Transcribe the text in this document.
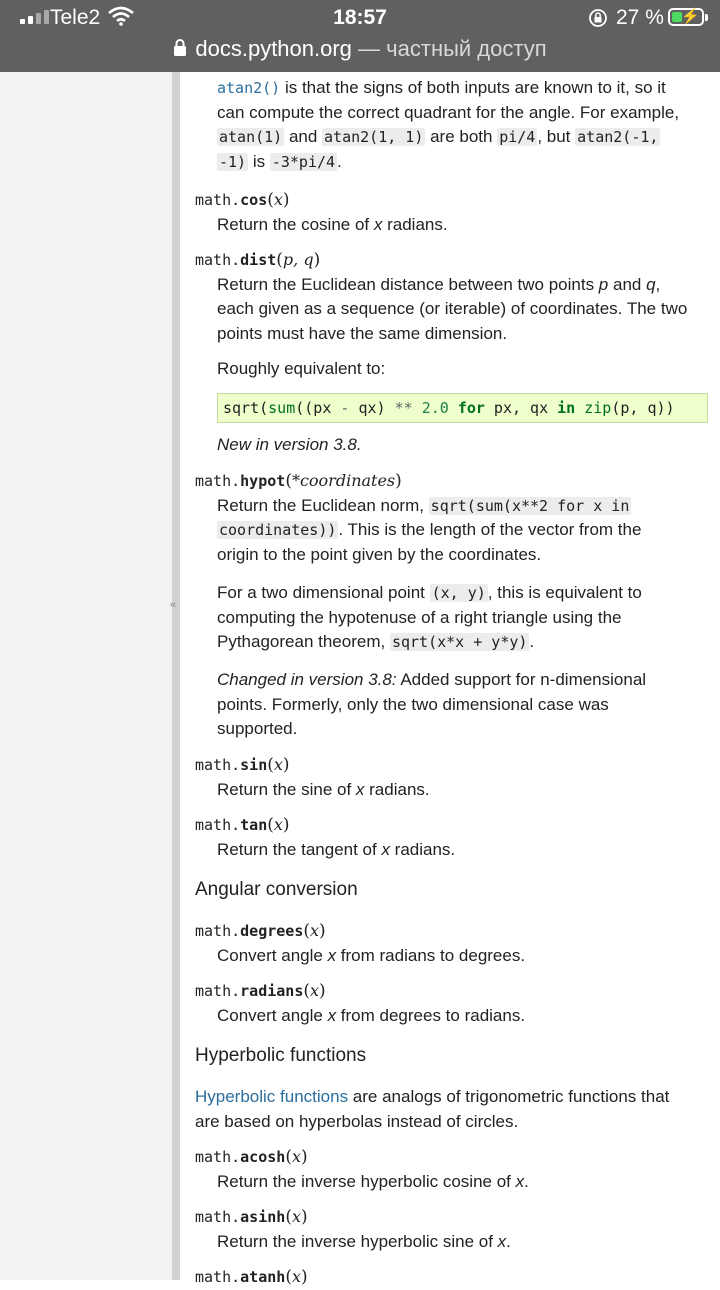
Tele2	18:57	27 % ⚡
docs.python.org — частный доступ
«
atan2() is that the signs of both inputs are known to it, so it
can compute the correct quadrant for the angle. For example,
atan(1) and atan2(1, 1) are both pi/4 , but atan2(-1,
-1) is -3*pi/4 .
math.cos(x)
Return the cosine of x radians.
math.dist(p, q)
Return the Euclidean distance between two points p and q,
each given as a sequence (or iterable) of coordinates. The two
points must have the same dimension.
Roughly equivalent to:
New in version 3.8.
math.hypot(*coordinates)
Return the Euclidean norm, sqrt(sum(x**2 for x in
coordinates)) . This is the length of the vector from the
origin to the point given by the coordinates.
For a two dimensional point (x, y) , this is equivalent to
computing the hypotenuse of a right triangle using the
Pythagorean theorem, sqrt(x*x + y*y) .
Changed in version 3.8: Added support for n-dimensional
points. Formerly, only the two dimensional case was
supported.
math.sin(x)
Return the sine of x radians.
math.tan(x)
Return the tangent of x radians.
Angular conversion
math.degrees(x)
Convert angle x from radians to degrees.
math.radians(x)
Convert angle x from degrees to radians.
Hyperbolic functions
Hyperbolic functions are analogs of trigonometric functions that
are based on hyperbolas instead of circles.
math.acosh(x)
Return the inverse hyperbolic cosine of x.
math.asinh(x)
Return the inverse hyperbolic sine of x.
math.atanh(x)
sqrt(sum((px - qx) ** 2.0 for px, qx in zip(p, q))
